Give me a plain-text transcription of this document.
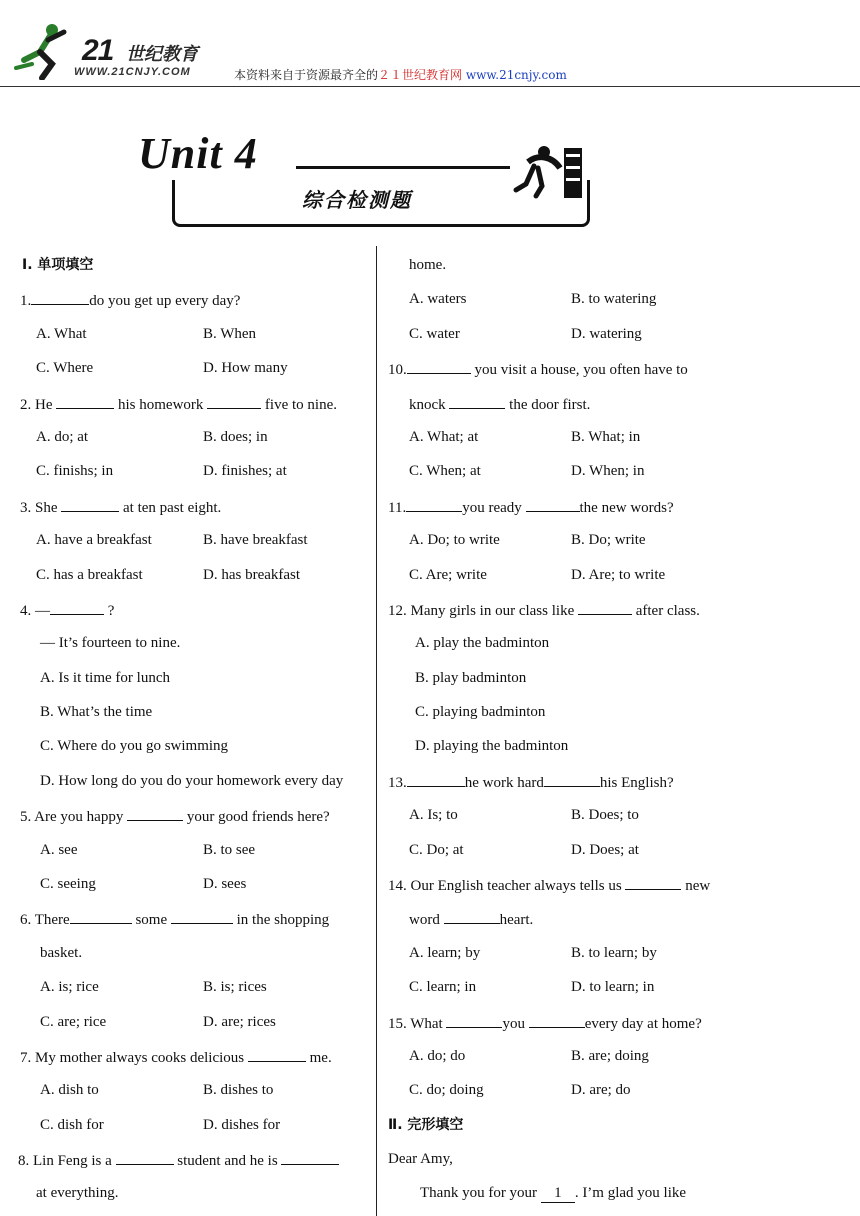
21 世纪教育
WWW.21CNJY.COM	本资料来自于资源最齐全的２１世纪教育网 www.21cnjy.com
Unit 4
综合检测题
Ⅰ. 单项填空
1.	do you get up every day?
A. What	B. When
C. Where	D. How many
2. He	his homework	five to nine.
A. do; at	B. does; in
C. finishs; in	D. finishes; at
3. She	at ten past eight.
A. have a breakfast	B. have breakfast
C. has a breakfast	D. has breakfast
4. —	?
— It’s fourteen to nine.
A. Is it time for lunch
B. What’s the time
C. Where do you go swimming
D. How long do you do your homework every day
5. Are you happy	your good friends here?
A. see	B. to see
C. seeing	D. sees
6. There	some	in the shopping
basket.
A. is; rice	B. is; rices
C. are; rice	D. are; rices
7. My mother always cooks delicious	me.
A. dish to	B. dishes to
C. dish for	D. dishes for
8. Lin Feng is a	student and he is
at everything.
home.
A. waters	B. to watering
C. water	D. watering
10.	you visit a house, you often have to
knock	the door first.
A. What; at	B. What; in
C. When; at	D. When; in
11.	you ready	the new words?
A. Do; to write	B. Do; write
C. Are; write	D. Are; to write
12. Many girls in our class like	after class.
A. play the badminton
B. play badminton
C. playing badminton
D. playing the badminton
13.	he work hard	his English?
A. Is; to	B. Does; to
C. Do; at	D. Does; at
14. Our English teacher always tells us	new
word	heart.
A. learn; by	B. to learn; by
C. learn; in	D. to learn; in
15. What	you	every day at home?
A. do; do	B. are; doing
C. do; doing	D. are; do
Ⅱ. 完形填空
Dear Amy,
Thank you for your 1 . I’m glad you like
